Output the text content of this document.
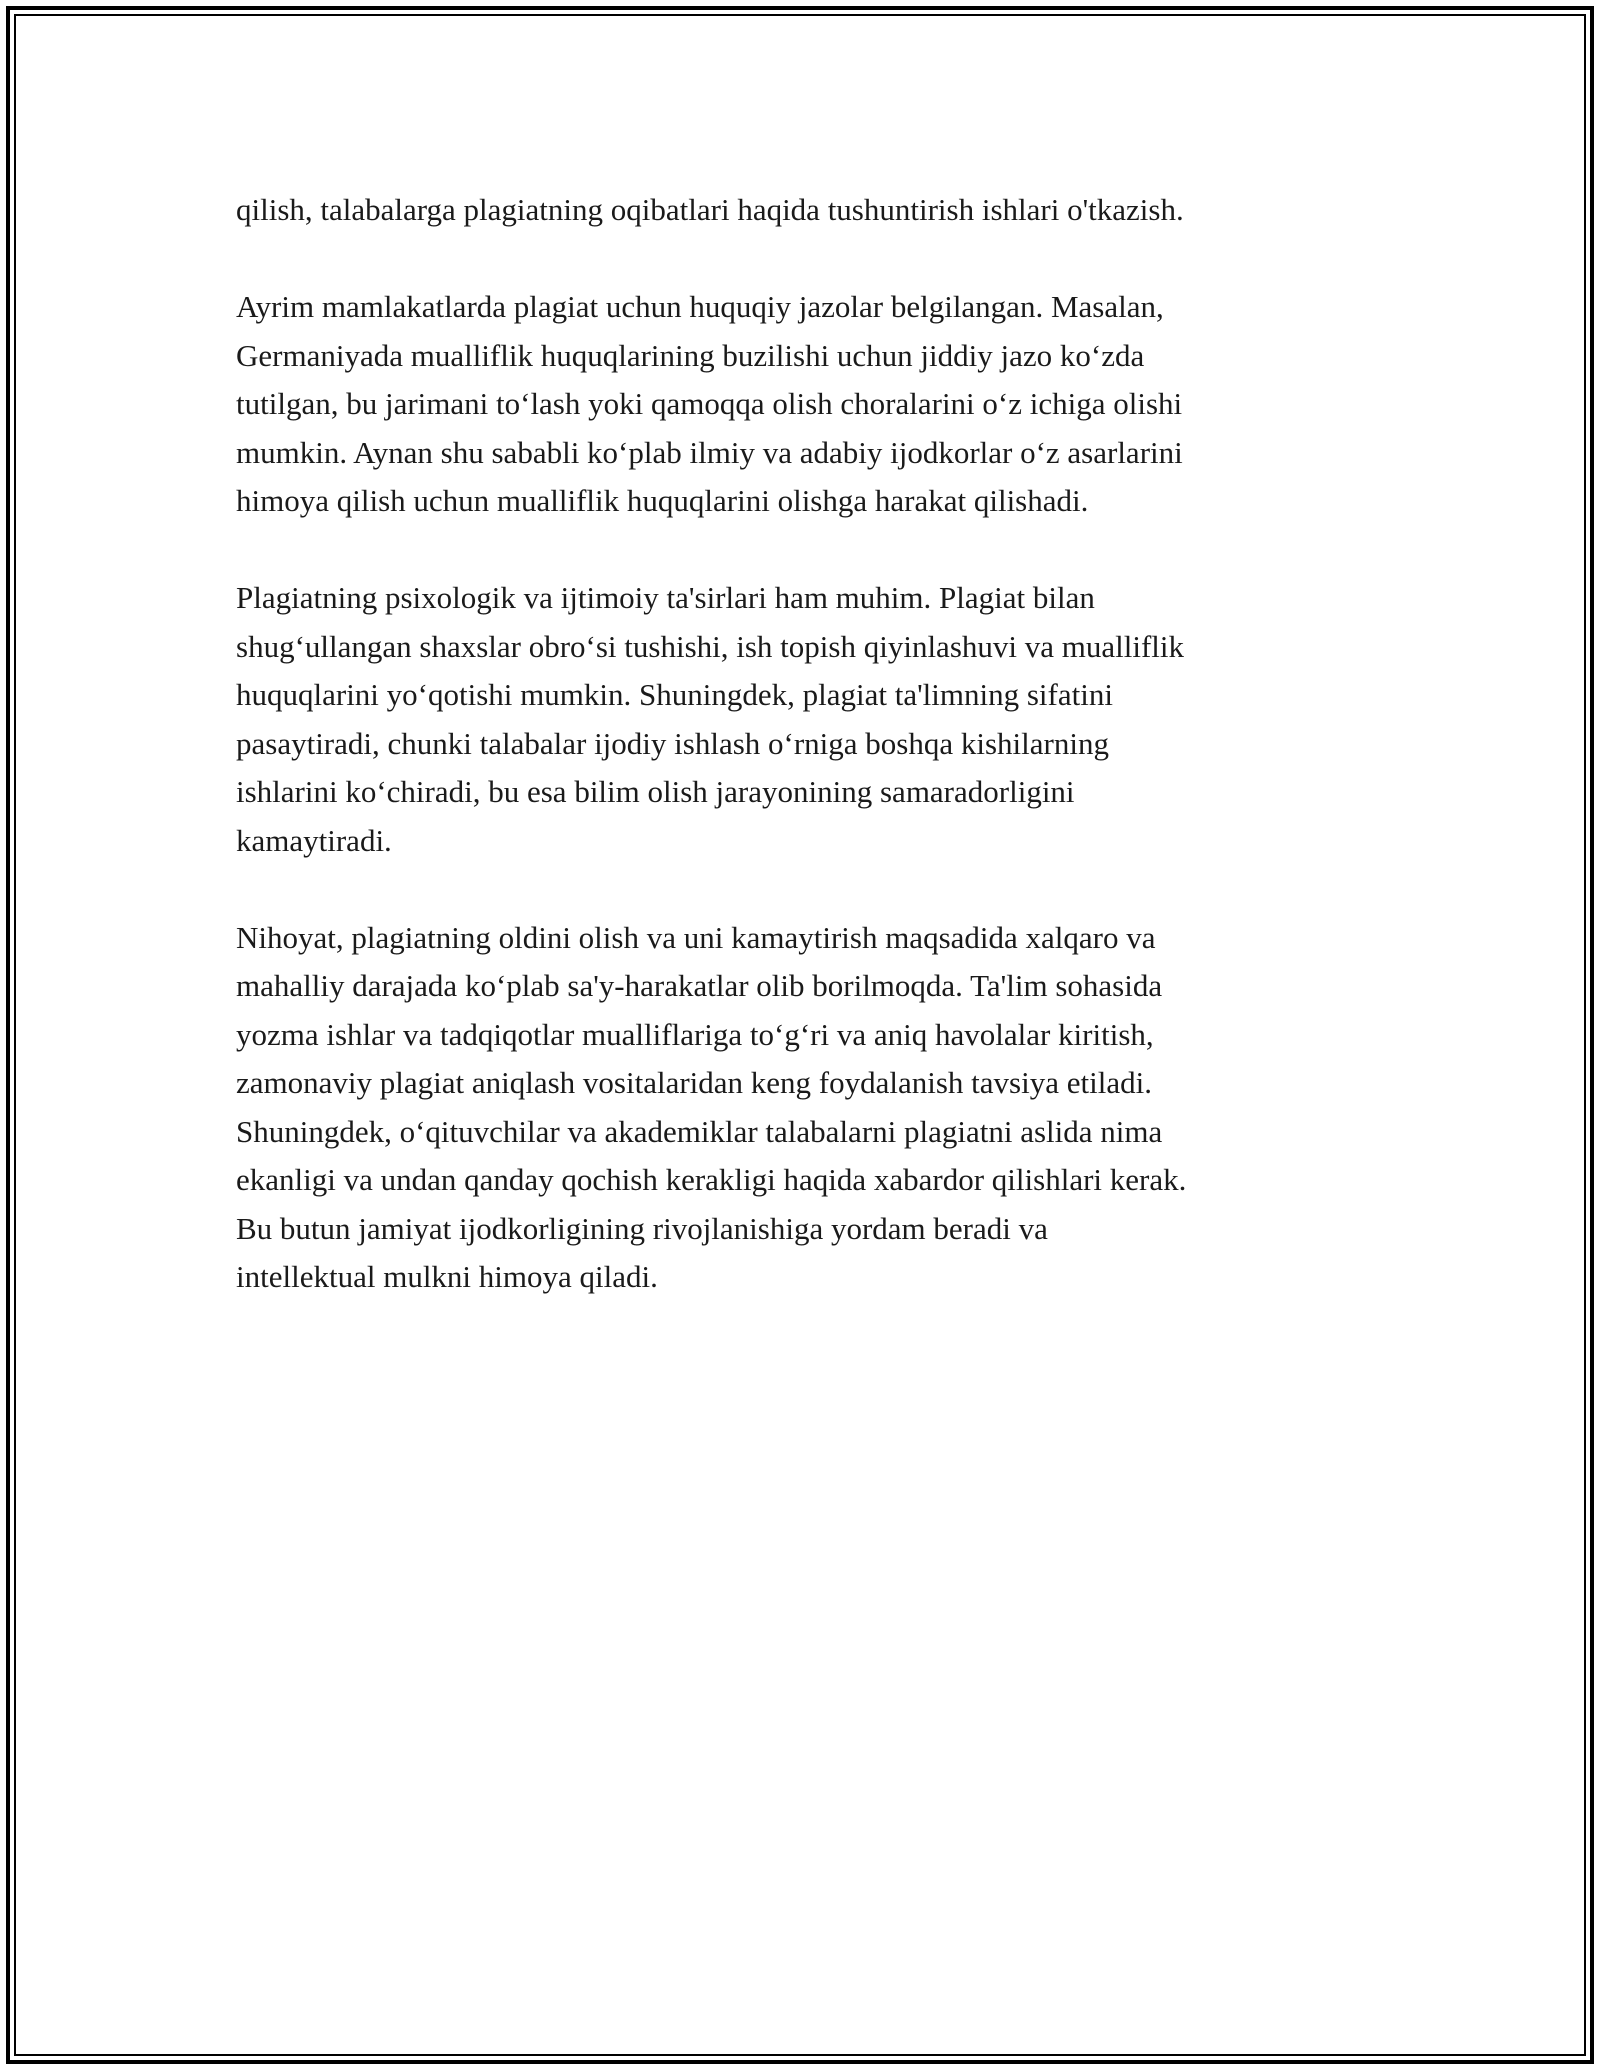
qilish, talabalarga plagiatning oqibatlari haqida tushuntirish ishlari o'tkazish.

Ayrim mamlakatlarda plagiat uchun huquqiy jazolar belgilangan. Masalan,
Germaniyada mualliflik huquqlarining buzilishi uchun jiddiy jazo ko‘zda
tutilgan, bu jarimani to‘lash yoki qamoqqa olish choralarini o‘z ichiga olishi
mumkin. Aynan shu sababli ko‘plab ilmiy va adabiy ijodkorlar o‘z asarlarini
himoya qilish uchun mualliflik huquqlarini olishga harakat qilishadi.

Plagiatning psixologik va ijtimoiy ta'sirlari ham muhim. Plagiat bilan
shug‘ullangan shaxslar obro‘si tushishi, ish topish qiyinlashuvi va mualliflik
huquqlarini yo‘qotishi mumkin. Shuningdek, plagiat ta'limning sifatini
pasaytiradi, chunki talabalar ijodiy ishlash o‘rniga boshqa kishilarning
ishlarini ko‘chiradi, bu esa bilim olish jarayonining samaradorligini
kamaytiradi.

Nihoyat, plagiatning oldini olish va uni kamaytirish maqsadida xalqaro va
mahalliy darajada ko‘plab sa'y-harakatlar olib borilmoqda. Ta'lim sohasida
yozma ishlar va tadqiqotlar mualliflariga to‘g‘ri va aniq havolalar kiritish,
zamonaviy plagiat aniqlash vositalaridan keng foydalanish tavsiya etiladi.
Shuningdek, o‘qituvchilar va akademiklar talabalarni plagiatni aslida nima
ekanligi va undan qanday qochish kerakligi haqida xabardor qilishlari kerak.
Bu butun jamiyat ijodkorligining rivojlanishiga yordam beradi va
intellektual mulkni himoya qiladi.
